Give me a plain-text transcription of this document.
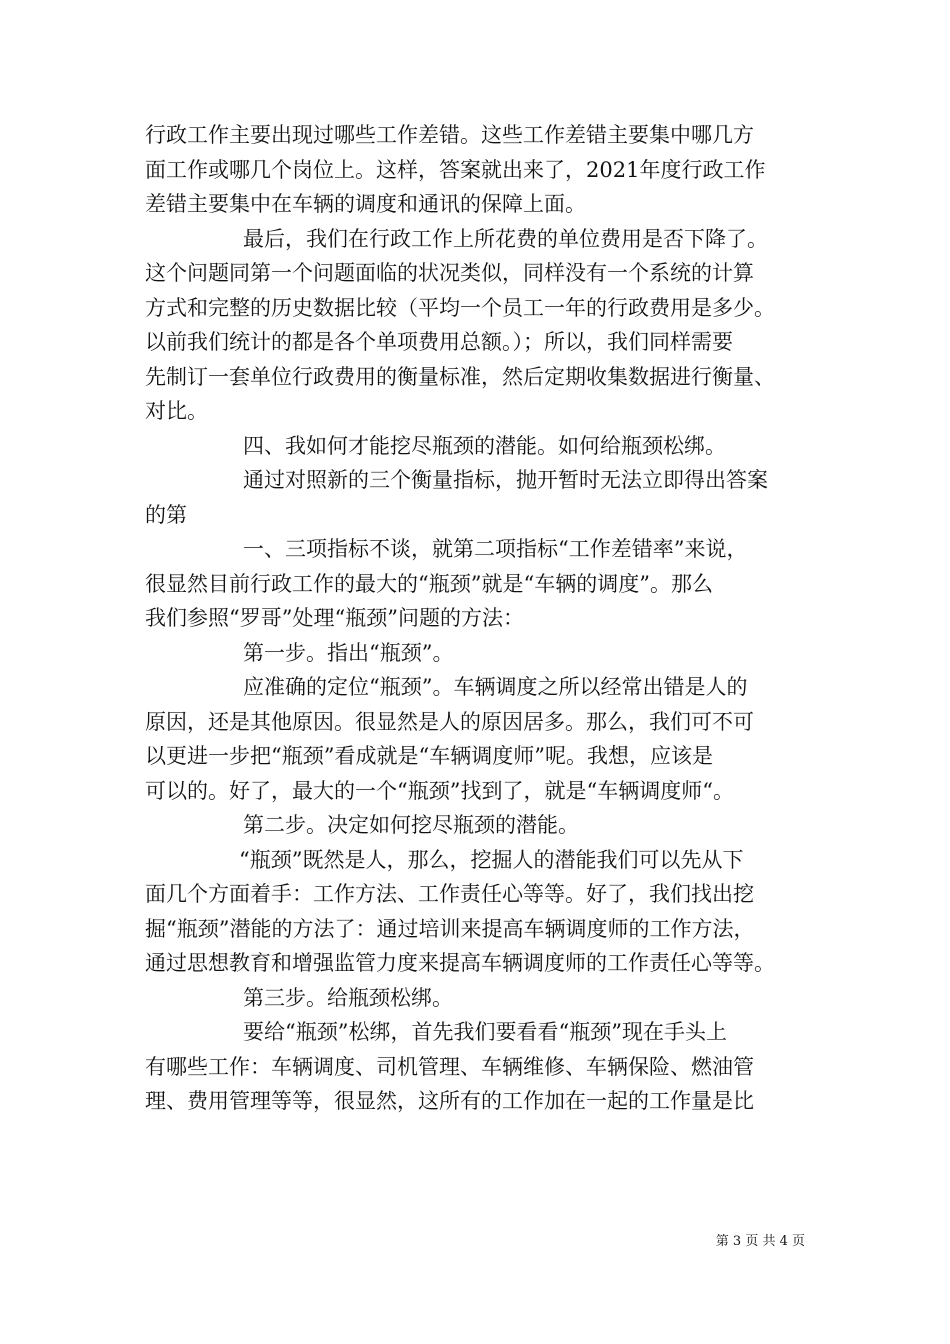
行政工作主要出现过哪些工作差错。这些工作差错主要集中哪几方
面工作或哪几个岗位上。这样，答案就出来了，2021年度行政工作
差错主要集中在车辆的调度和通讯的保障上面。
最后，我们在行政工作上所花费的单位费用是否下降了。
这个问题同第一个问题面临的状况类似，同样没有一个系统的计算
方式和完整的历史数据比较（平均一个员工一年的行政费用是多少。
以前我们统计的都是各个单项费用总额。）；所以，我们同样需要
先制订一套单位行政费用的衡量标准，然后定期收集数据进行衡量、
对比。
四、我如何才能挖尽瓶颈的潜能。如何给瓶颈松绑。
通过对照新的三个衡量指标，抛开暂时无法立即得出答案
的第
一、三项指标不谈，就第二项指标“工作差错率”来说，
很显然目前行政工作的最大的“瓶颈”就是“车辆的调度”。那么
我们参照“罗哥”处理“瓶颈”问题的方法：
第一步。指出“瓶颈”。
应准确的定位“瓶颈”。车辆调度之所以经常出错是人的
原因，还是其他原因。很显然是人的原因居多。那么，我们可不可
以更进一步把“瓶颈”看成就是“车辆调度师”呢。我想，应该是
可以的。好了，最大的一个“瓶颈”找到了，就是“车辆调度师“。
第二步。决定如何挖尽瓶颈的潜能。
“瓶颈”既然是人，那么，挖掘人的潜能我们可以先从下
面几个方面着手：工作方法、工作责任心等等。好了，我们找出挖
掘“瓶颈”潜能的方法了：通过培训来提高车辆调度师的工作方法，
通过思想教育和增强监管力度来提高车辆调度师的工作责任心等等。
第三步。给瓶颈松绑。
要给“瓶颈”松绑，首先我们要看看“瓶颈”现在手头上
有哪些工作：车辆调度、司机管理、车辆维修、车辆保险、燃油管
理、费用管理等等，很显然，这所有的工作加在一起的工作量是比
第 3 页 共 4 页
